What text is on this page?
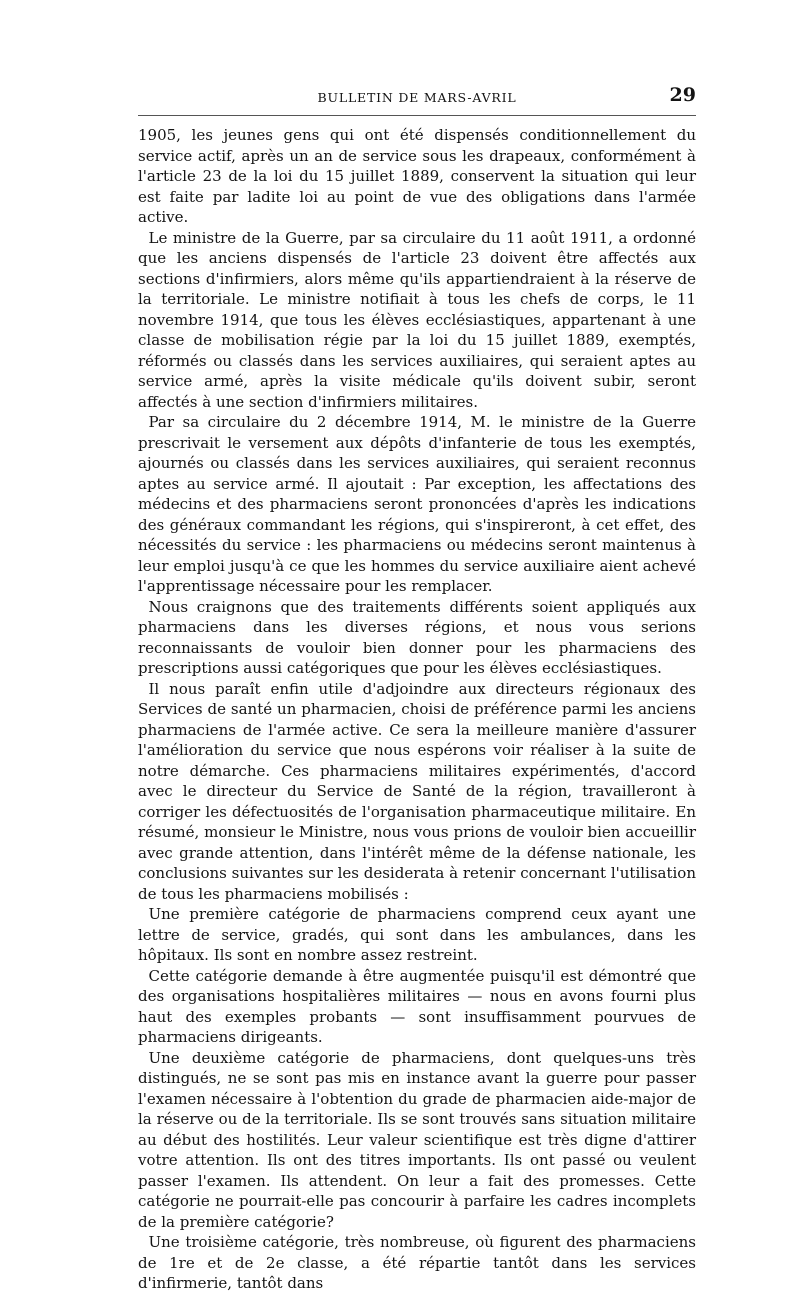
BULLETIN DE MARS-AVRIL	29

1905, les jeunes gens qui ont été dispensés conditionnellement du service actif, après un an de service sous les drapeaux, conformément à l'article 23 de la loi du 15 juillet 1889, conservent la situation qui leur est faite par ladite loi au point de vue des obligations dans l'armée active.

Le ministre de la Guerre, par sa circulaire du 11 août 1911, a ordonné que les anciens dispensés de l'article 23 doivent être affectés aux sections d'infirmiers, alors même qu'ils appartiendraient à la réserve de la territoriale. Le ministre notifiait à tous les chefs de corps, le 11 novembre 1914, que tous les élèves ecclésiastiques, appartenant à une classe de mobilisation régie par la loi du 15 juillet 1889, exemptés, réformés ou classés dans les services auxiliaires, qui seraient aptes au service armé, après la visite médicale qu'ils doivent subir, seront affectés à une section d'infirmiers militaires.

Par sa circulaire du 2 décembre 1914, M. le ministre de la Guerre prescrivait le versement aux dépôts d'infanterie de tous les exemptés, ajournés ou classés dans les services auxiliaires, qui seraient reconnus aptes au service armé. Il ajoutait : Par exception, les affectations des médecins et des pharmaciens seront prononcées d'après les indications des généraux commandant les régions, qui s'inspireront, à cet effet, des nécessités du service : les pharmaciens ou médecins seront maintenus à leur emploi jusqu'à ce que les hommes du service auxiliaire aient achevé l'apprentissage nécessaire pour les remplacer.

Nous craignons que des traitements différents soient appliqués aux pharmaciens dans les diverses régions, et nous vous serions reconnaissants de vouloir bien donner pour les pharmaciens des prescriptions aussi catégoriques que pour les élèves ecclésiastiques.

Il nous paraît enfin utile d'adjoindre aux directeurs régionaux des Services de santé un pharmacien, choisi de préférence parmi les anciens pharmaciens de l'armée active. Ce sera la meilleure manière d'assurer l'amélioration du service que nous espérons voir réaliser à la suite de notre démarche. Ces pharmaciens militaires expérimentés, d'accord avec le directeur du Service de Santé de la région, travailleront à corriger les défectuosités de l'organisation pharmaceutique militaire. En résumé, monsieur le Ministre, nous vous prions de vouloir bien accueillir avec grande attention, dans l'intérêt même de la défense nationale, les conclusions suivantes sur les desiderata à retenir concernant l'utilisation de tous les pharmaciens mobilisés :

Une première catégorie de pharmaciens comprend ceux ayant une lettre de service, gradés, qui sont dans les ambulances, dans les hôpitaux. Ils sont en nombre assez restreint.

Cette catégorie demande à être augmentée puisqu'il est démontré que des organisations hospitalières militaires — nous en avons fourni plus haut des exemples probants — sont insuffisamment pourvues de pharmaciens dirigeants.

Une deuxième catégorie de pharmaciens, dont quelques-uns très distingués, ne se sont pas mis en instance avant la guerre pour passer l'examen nécessaire à l'obtention du grade de pharmacien aide-major de la réserve ou de la territoriale. Ils se sont trouvés sans situation militaire au début des hostilités. Leur valeur scientifique est très digne d'attirer votre attention. Ils ont des titres importants. Ils ont passé ou veulent passer l'examen. Ils attendent. On leur a fait des promesses. Cette catégorie ne pourrait-elle pas concourir à parfaire les cadres incomplets de la première catégorie?

Une troisième catégorie, très nombreuse, où figurent des pharmaciens de 1re et de 2e classe, a été répartie tantôt dans les services d'infirmerie, tantôt dans
